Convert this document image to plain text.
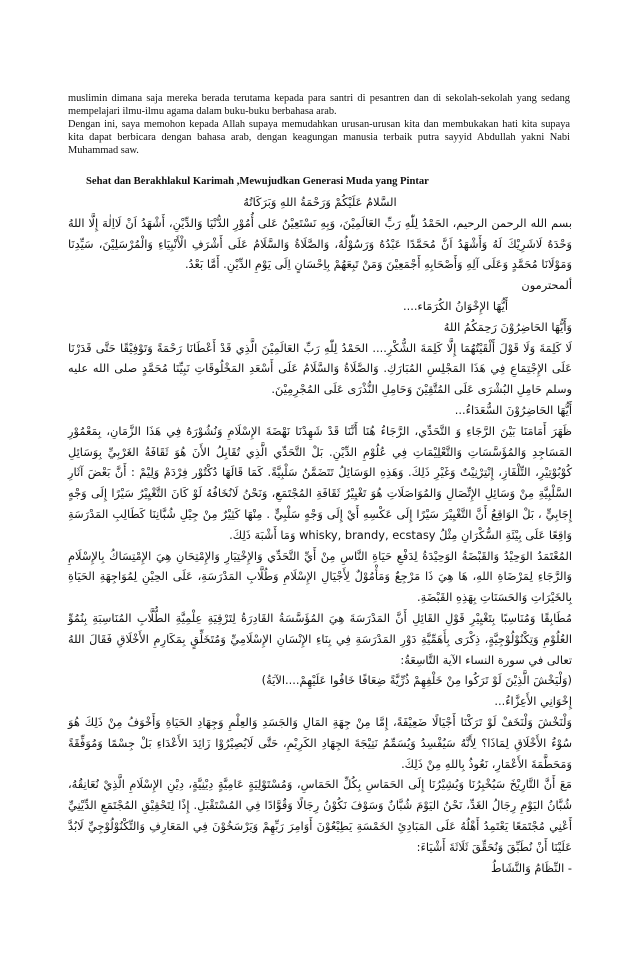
muslimin dimana saja mereka berada terutama kepada para santri di pesantren dan di sekolah-sekolah yang sedang mempelajari ilmu-ilmu agama dalam buku-buku berbahasa arab.

Dengan ini, saya memohon kepada Allah supaya memudahkan urusan-urusan kita dan membukakan hati kita supaya kita dapat berbicara dengan bahasa arab, dengan keagungan manusia terbaik putra sayyid Abdullah yakni Nabi Muhammad saw.

Sehat dan Berakhlakul Karimah ,Mewujudkan Generasi Muda yang Pintar

السَّلامُ عَلَيْكُمْ وَرَحْمَةُ اللهِ وَبَرَكَاتُهُ

بسم الله الرحمن الرحيم، الحَمْدُ لِلّٰهِ رَبِّ العَالَمِيْنَ، وَبِهِ نَسْتَعِيْنُ عَلى أُمُوْرِ الدُّنْيَا وَالدِّيْنِ، أَشْهَدُ اَنْ لَااِلٰهَ إِلَّا اللهُ وَحْدَهُ لَاشَرِيْكَ لَهُ وَأَشْهَدُ اَنَّ مُحَمَّدًا عَبْدُهُ وَرَسُوْلُهُ، وَالصَّلَاةُ وَالسَّلَامُ عَلَى أَشْرَفِ الْأَنْبِيَاءِ وَالْمُرْسَلِيْنَ، سَيِّدِنَا وَمَوْلَانَا مُحَمَّدٍ وَعَلَى آلِهِ وَأَصْحَابِهِ أَجْمَعِيْنَ وَمَنْ تَبِعَهُمْ بِاِحْسَانٍ اِلَى يَوْمِ الدِّيْنِ. أَمَّا بَعْدُ.

ألمحترمون

أَيُّهَا الإِخْوَانُ الكُرَمَاء....

وَأَيُّهَا الحَاضِرُوْنَ رَحِمَكُمُ اللهُ

لَا كَلِمَةَ وَلَا قَوْلَ أَلْقَيْتُهُمَا إِلَّا كَلِمَةَ الشُّكْرِ.... الحَمْدُ لِلّٰهِ رَبِّ العَالَمِيْنَ الَّذِي قَدْ أَعْطَانَا رَحْمَةً وَتَوْفِيْقًا حَتَّى قَدَرْنَا عَلَى الإِجْتِمَاعِ فِي هَذَا المَجْلِسِ المُبَارَكِ. وَالصَّلَاةُ وَالسَّلَامُ عَلَى أَسْعَدِ المَخْلُوقَاتِ نَبِيِّنَا مُحَمَّدٍ صلى الله عليه وسلم حَامِلِ البُشْرَى عَلَى المُتَّقِيْنَ وَحَامِلِ النُّذْرَى عَلَى المُجْرِمِيْنَ.

أَيُّهَا الحَاضِرُوْنَ السُّعَدَاءُ...

ظَهَرَ أَمَامَنَا بَيْنَ الرَّجَاءِ وَ التَّحَدِّي، الرَّجَاءُ هُنَا أَنَّنَا قَدْ شَهِدْنَا نَهْضَةَ الإِسْلَامِ وَنُشُوْرَهُ فِي هَذَا الزَّمَانِ، بِمَعْمُوْرِ المَسَاجِدِ وَالمُؤَسَّسَاتِ وَالتَّعْلِيْمَاتِ فِي عُلُوْمِ الدِّيْنِ. بَلْ التَّحَدِّي الَّذِي تُقَابِلُ الأَنَ هُوَ ثَقَافَةُ الغَرْبِيِّ بِوَسَائِلِ كُوْبُوْتِيْرِ، التِّلْفَازِ، إِنْتِرْنِيْتٌ وَغَيْرِ ذَلِكَ. وَهَذِهِ الوَسَائِلُ تَتَضَمَّنُ سَلْبِيَّةً. كَمَا قَالَهَا دُكْتُوْر فِرْدَمْ وَلِيْمْ : أَنَّ بَعْضَ آثَارِ السَّلْبِيَّةِ مِنْ وَسَائِلِ الإِتِّصَالِ وَالمُوَاصَلَاتِ هُوَ تَغْيِيْرُ ثَقَافَةِ المُجْتَمَعِ، وَنَحْنُ لَانُخَافُهُ لَوْ كَانَ التَّغْيِيْرُ سَيْرًا إِلَى وَجْهٍ إِجَابِيٍّ ، بَلْ الوَاقِعُ أَنَّ التَّغْيِيْرَ سَيْرًا إِلَى عَكْسِهِ أَيْ إِلَى وَجْهٍ سَلْبِيٍّ . مِنْهَا كَثِيْرٌ مِنْ جِيْلِ شُبَّانِنَا كَطَالِبِ المَدْرَسَةِ وَاقِعًا عَلَى بِيْئَةِ السُّكْرَانِ مِثْلُ whisky, brandy, ecstasy وَمَا أَشْبَهَ ذَلِكَ.

المُعْتَمَدُ الوَحِيْدُ وَالقَبْضَةُ الوَحِيْدَةُ لِدَفْعِ حَيَاةِ النَّاسِ مِنْ أَيِّ التَّحَدِّي وَالإِخْتِيَارِ وَالإِمْتِحَانِ هِيَ الإِمْتِسَاكُ بِالإِسْلَامِ وَالرَّجَاءِ لِمَرْضَاةِ اللهِ، هَا هِيَ ذَا مَرْجِعٌ وَمَأْمُوْلٌ لِأَجْيَالِ الإِسْلَامِ وَطُلَّابِ المَدْرَسَةِ، عَلَى الحِيْنِ لِمُوَاجِهَةِ الحَيَاةِ بِالخَيْرَاتِ وَالحَسَنَاتِ بِهَذِهِ القَبْضَةِ.

مُطَابِقًا وَمُنَاسِبًا بِتَغْيِيْرِ قَوْلِ القَائِلِ أَنَّ المَدْرَسَةَ هِيَ المُؤَسَّسَةُ القَادِرَةُ لِتَرْقِيَةِ عِلْمِيَّةِ الطُّلَّابِ المُنَاسِبَةِ بِنُمُوِّ العُلُوْمِ وَتِكْنُوْلُوْجِيَّةٍ، ذِكْرَى بِأَهَمِّيَّةِ دَوْرِ المَدْرَسَةِ فِي بِنَاءِ الإِنْسَانِ الإِسْلَامِيِّ وَمُتَخَلِّقٍ بِمَكَارِمِ الأَخْلَاقِ فَقَالَ اللهُ تعالى في سورة النساء الآية التَّاسِعَةُ:

(وَلْيَخْشَ الَّذِيْنَ لَوْ تَرَكُوا مِنْ خَلْفِهِمْ ذُرِّيَّةً ضِعَافًا خَافُوا عَلَيْهِمْ....الآيَةُ)

إِخْوَانِي الأَعِزَّاءُ...

وَلْنَخْشَ وَلْنَخَفْ لَوْ تَرَكْنَا أَجْيَالًا ضَعِيْفَةً، إِمَّا مِنْ جِهَةِ المَالِ وَالجَسَدِ وَالعِلْمِ وَجِهَادِ الحَيَاةِ وَأَخْوَفُ مِنْ ذَلِكَ هُوَ سُوْءُ الأَخْلَاقِ لِمَاذَا؟ لِأَنَّهُ سَيُفْسِدُ وَيُسَمِّمُ نَتِيْجَةَ الجِهَادِ الكَرِيْمِ، حَتَّى لَايُصِيْرُوْا زَائِدَ الأَعْدَاءِ بَلْ جِسْمًا وَمُوَفِّقَةً وَمَحَطَّمَةَ الأَعْمَارِ، نَعُوذُ بِاللهِ مِنْ ذَلِكَ.

مَعَ أَنَّ التَّارِيْخَ سَيُخْبِرُنَا وَيُشِيْرُنَا إِلَى الحَمَاسِ بِكُلِّ الحَمَاسِ، وَمُسْتَوْلِيَةٍ عَامِيَّةٍ دِيْنِيَّةٍ، دِيْنِ الإِسْلَامِ الَّذِيْ نُعَانِقُهُ، شُبَّانُ اليَوْمِ رِجَالُ الغَدِّ، نَحْنُ اليَوْمَ شُبَّانٌ وَسَوْفَ نَكُوْنُ رِجَالًا وَقُوَّادًا فِي المُسْتَقْبَلِ. إِذًا لِتَحْقِيْقِ المُجْتَمَعِ الدِّيْنِيِّ أَعْنِي مُجْتَمَعًا يَعْتَمِدُ أَهْلُهُ عَلَى المَبَادِئِ الخَمْسَةِ يَطِيْعُوْنَ أَوَامِرَ رَبِّهِمْ وَيَرْسَخُوْنَ فِي المَعَارِفِ وَالتِّكْنُوْلُوْجِيِّ لَابُدَّ عَلَيْنَا أَنْ نُطَبِّقَ وَنُحَقِّقَ ثَلَاثَةَ أَشْيَاءَ:

- النِّظَامُ وَالنَّشَاطُ
